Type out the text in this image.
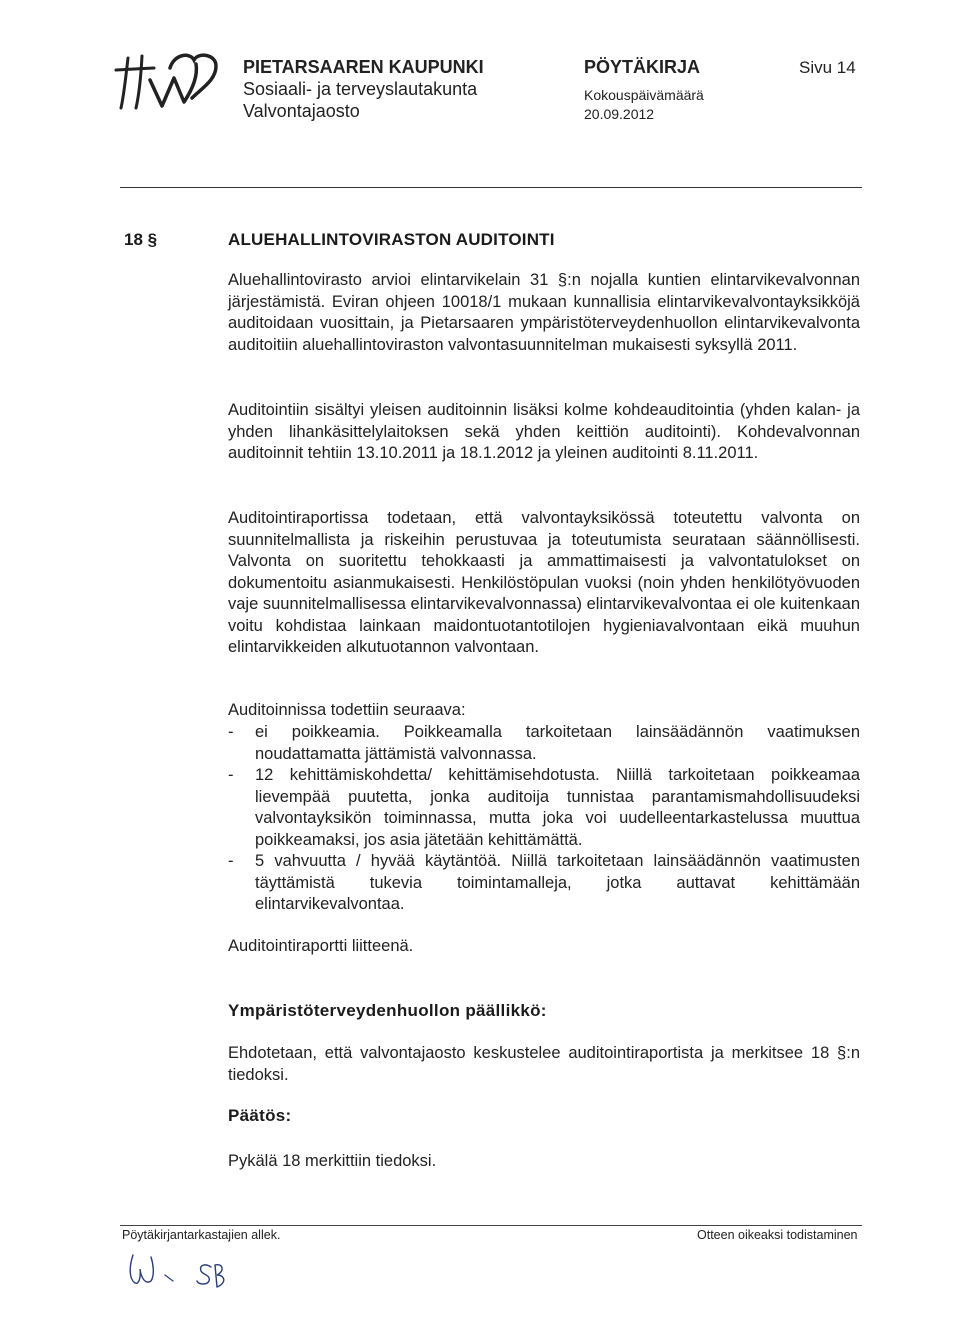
PIETARSAAREN KAUPUNKI
Sosiaali- ja terveyslautakunta
Valvontajaosto
PÖYTÄKIRJA
Kokouspäivämäärä
20.09.2012
Sivu 14
18 §	ALUEHALLINTOVIRASTON AUDITOINTI
Aluehallintovirasto arvioi elintarvikelain 31 §:n nojalla kuntien elintarvikevalvonnan järjestämistä. Eviran ohjeen 10018/1 mukaan kunnallisia elintarvikevalvontayksikköjä auditoidaan vuosittain, ja Pietarsaaren ympäristöterveydenhuollon elintarvikevalvonta auditoitiin aluehallintoviraston valvontasuunnitelman mukaisesti syksyllä 2011.
Auditointiin sisältyi yleisen auditoinnin lisäksi kolme kohdeauditointia (yhden kalan- ja yhden lihankäsittelylaitoksen sekä yhden keittiön auditointi). Kohdevalvonnan auditoinnit tehtiin 13.10.2011 ja 18.1.2012 ja yleinen auditointi 8.11.2011.
Auditointiraportissa todetaan, että valvontayksikössä toteutettu valvonta on suunnitelmallista ja riskeihin perustuvaa ja toteutumista seurataan säännöllisesti. Valvonta on suoritettu tehokkaasti ja ammattimaisesti ja valvontatulokset on dokumentoitu asianmukaisesti. Henkilöstöpulan vuoksi (noin yhden henkilötyövuoden vaje suunnitelmallisessa elintarvikevalvonnassa) elintarvikevalvontaa ei ole kuitenkaan voitu kohdistaa lainkaan maidontuotantotilojen hygieniavalvontaan eikä muuhun elintarvikkeiden alkutuotannon valvontaan.
Auditoinnissa todettiin seuraava:
- ei poikkeamia. Poikkeamalla tarkoitetaan lainsäädännön vaatimuksen noudattamatta jättämistä valvonnassa.
- 12 kehittämiskohdetta/ kehittämisehdotusta. Niillä tarkoitetaan poikkeamaa lievempää puutetta, jonka auditoija tunnistaa parantamismahdollisuudeksi valvontayksikön toiminnassa, mutta joka voi uudelleentarkastelussa muuttua poikkeamaksi, jos asia jätetään kehittämättä.
- 5 vahvuutta / hyvää käytäntöä. Niillä tarkoitetaan lainsäädännön vaatimusten täyttämistä tukevia toimintamalleja, jotka auttavat kehittämään elintarvikevalvontaa.
Auditointiraportti liitteenä.
Ympäristöterveydenhuollon päällikkö:
Ehdotetaan, että valvontajaosto keskustelee auditointiraportista ja merkitsee 18 §:n tiedoksi.
Päätös:
Pykälä 18 merkittiin tiedoksi.
Pöytäkirjantarkastajien allek.	Otteen oikeaksi todistaminen
